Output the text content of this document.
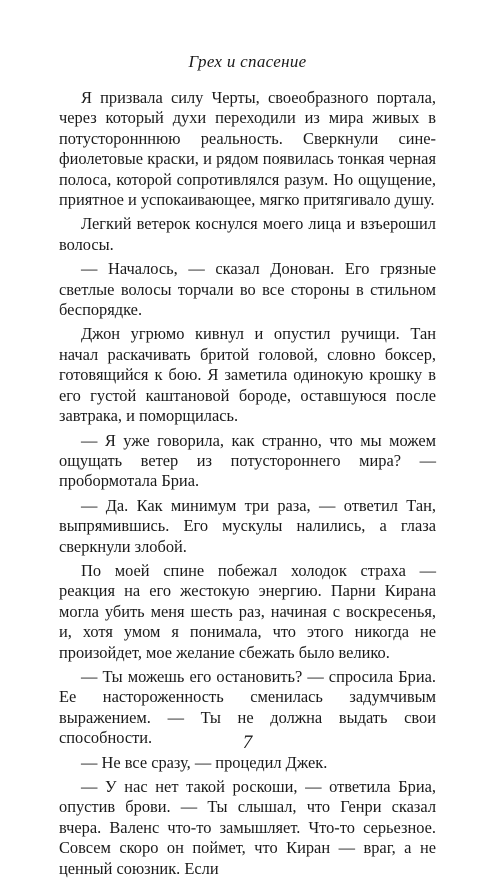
Грех и спасение

Я призвала силу Черты, своеобразного портала, через который духи переходили из мира живых в потусторонннюю реальность. Сверкнули сине-фиолетовые краски, и рядом появилась тонкая черная полоса, которой сопротивлялся разум. Но ощущение, приятное и успокаивающее, мягко притягивало душу.

Легкий ветерок коснулся моего лица и взъерошил волосы.

— Началось, — сказал Донован. Его грязные светлые волосы торчали во все стороны в стильном беспорядке.

Джон угрюмо кивнул и опустил ручищи. Тан начал раскачивать бритой головой, словно боксер, готовящийся к бою. Я заметила одинокую крошку в его густой каштановой бороде, оставшуюся после завтрака, и поморщилась.

— Я уже говорила, как странно, что мы можем ощущать ветер из потустороннего мира? — пробормотала Бриа.

— Да. Как минимум три раза, — ответил Тан, выпрямившись. Его мускулы налились, а глаза сверкнули злобой.

По моей спине побежал холодок страха — реакция на его жестокую энергию. Парни Кирана могла убить меня шесть раз, начиная с воскресенья, и, хотя умом я понимала, что этого никогда не произойдет, мое желание сбежать было велико.

— Ты можешь его остановить? — спросила Бриа. Ее настороженность сменилась задумчивым выражением. — Ты не должна выдать свои способности.

— Не все сразу, — процедил Джек.

— У нас нет такой роскоши, — ответила Бриа, опустив брови. — Ты слышал, что Генри сказал вчера. Валенс что-то замышляет. Что-то серьезное. Совсем скоро он поймет, что Киран — враг, а не ценный союзник. Если

7
